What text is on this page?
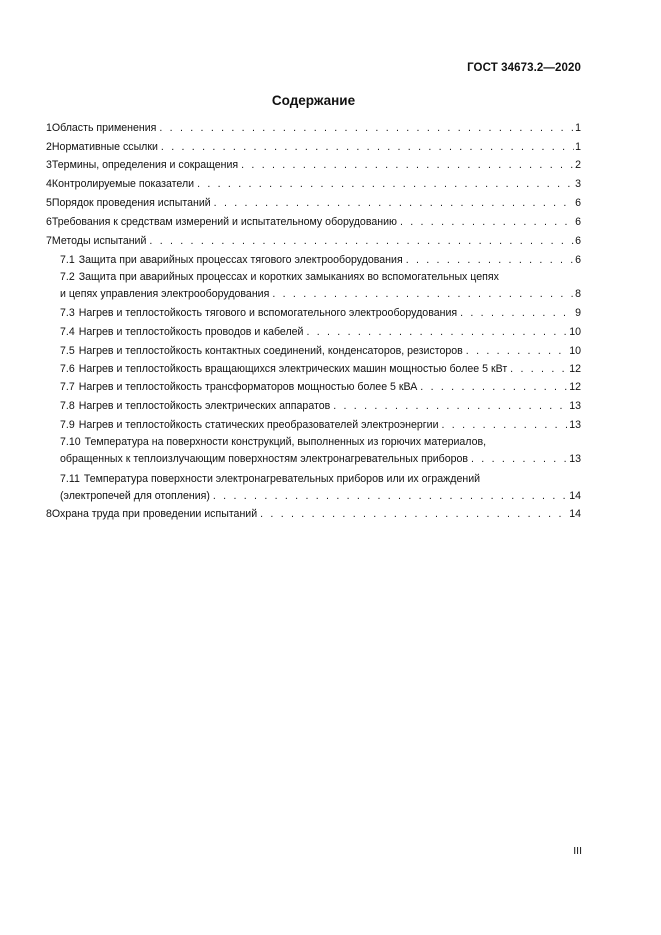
ГОСТ 34673.2—2020
Содержание
1 Область применения . . .	1
2 Нормативные ссылки . . .	1
3 Термины, определения и сокращения . . .	2
4 Контролируемые показатели . . .	3
5 Порядок проведения испытаний . . .	6
6 Требования к средствам измерений и испытательному оборудованию . . .	6
7 Методы испытаний . . .	6
7.1 Защита при аварийных процессах тягового электрооборудования . . .	6
7.2 Защита при аварийных процессах и коротких замыканиях во вспомогательных цепях
и цепях управления электрооборудования . . .	8
7.3 Нагрев и теплостойкость тягового и вспомогательного электрооборудования . . .	9
7.4 Нагрев и теплостойкость проводов и кабелей . . .	10
7.5 Нагрев и теплостойкость контактных соединений, конденсаторов, резисторов . . .	10
7.6 Нагрев и теплостойкость вращающихся электрических машин мощностью более 5 кВт . . .	12
7.7 Нагрев и теплостойкость трансформаторов мощностью более 5 кВА . . .	12
7.8 Нагрев и теплостойкость электрических аппаратов . . .	13
7.9 Нагрев и теплостойкость статических преобразователей электроэнергии . . .	13
7.10 Температура на поверхности конструкций, выполненных из горючих материалов,
обращенных к теплоизлучающим поверхностям электронагревательных приборов . . .	13
7.11 Температура поверхности электронагревательных приборов или их ограждений
(электропечей для отопления) . . .	14
8 Охрана труда при проведении испытаний . . .	14
III
